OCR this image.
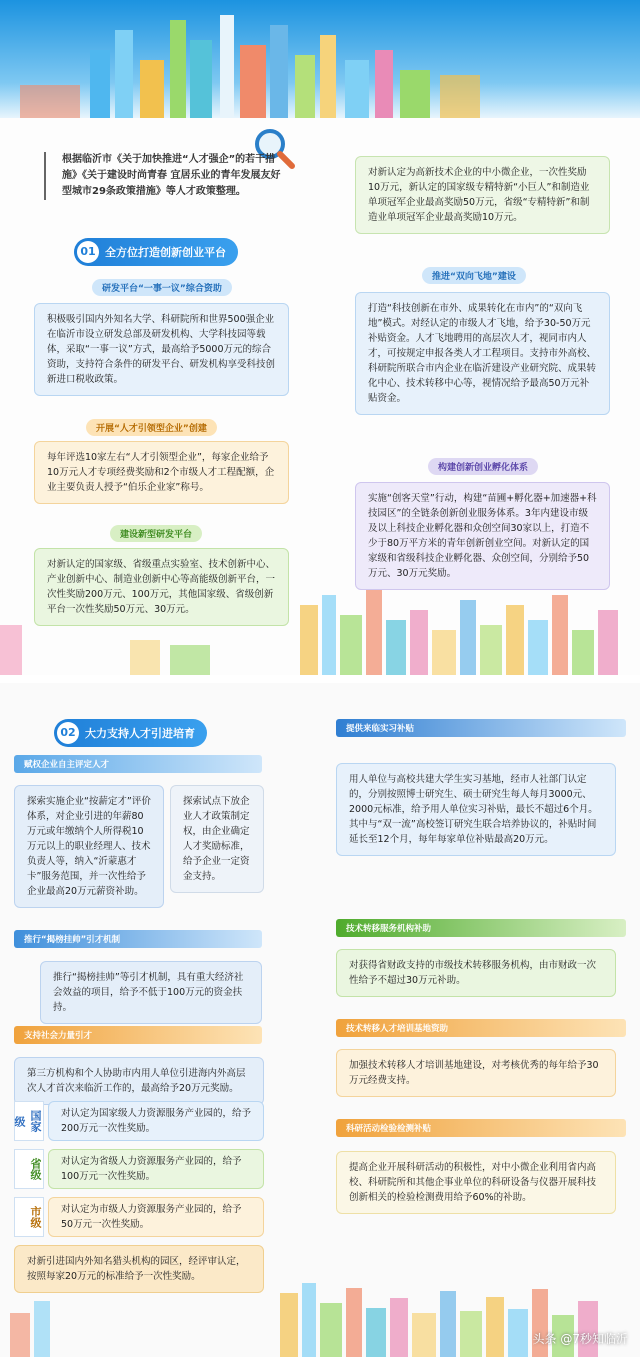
根据临沂市《关于加快推进“人才强企”的若干措施》《关于建设时尚青春 宜居乐业的青年发展友好型城市29条政策措施》等人才政策整理。
01 全方位打造创新创业平台
研发平台“一事一议”综合资助
积极吸引国内外知名大学、科研院所和世界500强企业在临沂市设立研发总部及研发机构、大学科技园等载体，采取“一事一议”方式，最高给予5000万元的综合资助，支持符合条件的研发平台、研发机构享受科技创新进口税收政策。
开展“人才引领型企业”创建
每年评选10家左右“人才引领型企业”，每家企业给予10万元人才专项经费奖励和2个市级人才工程配额，企业主要负责人授予“伯乐企业家”称号。
建设新型研发平台
对新认定的国家级、省级重点实验室、技术创新中心、产业创新中心、制造业创新中心等高能级创新平台，一次性奖励200万元、100万元，其他国家级、省级创新平台一次性奖励50万元、30万元。
对新认定为高新技术企业的中小微企业，一次性奖励10万元，新认定的国家级专精特新“小巨人”和制造业单项冠军企业最高奖励50万元，省级“专精特新”和制造业单项冠军企业最高奖励10万元。
推进“双向飞地”建设
打造“科技创新在市外、成果转化在市内”的“双向飞地”模式。对经认定的市级人才飞地，给予30-50万元补贴资金。人才飞地聘用的高层次人才，视同市内人才，可按规定申报各类人才工程项目。支持市外高校、科研院所联合市内企业在临沂建设产业研究院、成果转化中心、技术转移中心等，视情况给予最高50万元补贴资金。
构建创新创业孵化体系
实施“创客天堂”行动，构建“苗圃+孵化器+加速器+科技园区”的全链条创新创业服务体系。3年内建设市级及以上科技企业孵化器和众创空间30家以上，打造不少于80万平方米的青年创新创业空间。对新认定的国家级和省级科技企业孵化器、众创空间，分别给予50万元、30万元奖励。
02 大力支持人才引进培育
赋权企业自主评定人才
探索实施企业“按薪定才”评价体系，对企业引进的年薪80万元或年缴纳个人所得税10万元以上的职业经理人、技术负责人等，纳入“沂蒙惠才卡”服务范围，并一次性给予企业最高20万元薪资补助。
探索试点下放企业人才政策制定权，由企业确定人才奖励标准，给予企业一定资金支持。
推行“揭榜挂帅”引才机制
推行“揭榜挂帅”等引才机制，具有重大经济社会效益的项目，给予不低于100万元的资金扶持。
支持社会力量引才
第三方机构和个人协助市内用人单位引进海内外高层次人才首次来临沂工作的，最高给予20万元奖励。
国家级
对认定为国家级人力资源服务产业园的，给予200万元一次性奖励。
省级	对认定为省级人力资源服务产业园的，给予100万元一次性奖励。
市级	对认定为市级人力资源服务产业园的，给予50万元一次性奖励。
对新引进国内外知名猎头机构的园区，经评审认定，按照每家20万元的标准给予一次性奖励。
提供来临实习补贴
用人单位与高校共建大学生实习基地，经市人社部门认定的，分别按照博士研究生、硕士研究生每人每月3000元、2000元标准，给予用人单位实习补贴，最长不超过6个月。其中与“双一流”高校签订研究生联合培养协议的，补贴时间延长至12个月，每年每家单位补贴最高20万元。
技术转移服务机构补助
对获得省财政支持的市级技术转移服务机构，由市财政一次性给予不超过30万元补助。
技术转移人才培训基地资助
加强技术转移人才培训基地建设，对考核优秀的每年给予30万元经费支持。
科研活动检验检测补贴
提高企业开展科研活动的积极性，对中小微企业利用省内高校、科研院所和其他企事业单位的科研设备与仪器开展科技创新相关的检验检测费用给予60%的补助。
头条 @7秒知临沂
